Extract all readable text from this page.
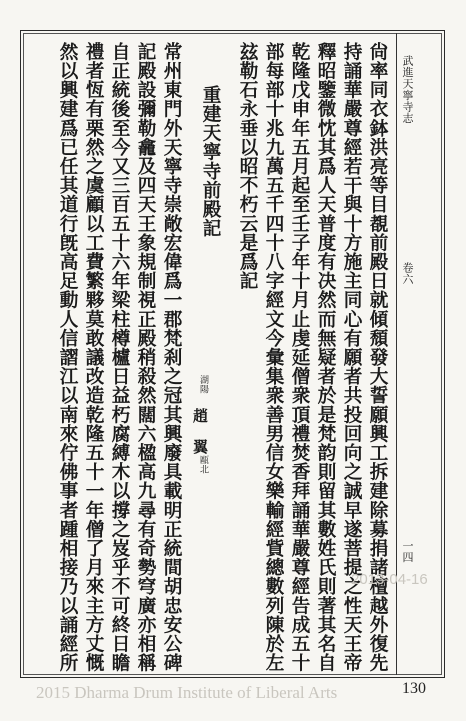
武進天寧寺志
卷六
一四
尙率同衣鉢洪亮等目覩前殿日就傾頹發大誓願興工拆建除募捐諸檀越外復先
持誦華嚴尊經若干與十方施主同心有願者共投回向之誠早遂菩提之性天王帝
釋昭鑒微忱其爲人天普度有决然而無疑者於是梵韵則留其數姓氏則著其名自
乾隆戊申年五月起至壬子年十月止虔延僧衆頂禮焚香拜誦華嚴尊經告成五十
部每部十兆九萬五千四十八字經文今彙集衆善男信女樂輸經貲總數列陳於左
玆勒石永垂以昭不朽云是爲記
重建天寧寺前殿記
湖陽
趙　翼
甌北
常州東門外天寧寺崇敞宏偉爲一郡梵刹之冠其興廢具載明正統間胡忠安公碑
記殿設彌勒龕及四天王象規制視正殿稍殺然闊六楹高九尋有奇勢穹廣亦相稱
自正統後至今又三百五十六年梁柱樽櫨日益朽腐縛木以撐之岌乎不可終日瞻
禮者恆有栗然之虞顧以工費繁夥莫敢議改造乾隆五十一年僧了月來主方丈慨
然以興建爲已任其道行旣高足動人信謵江以南來佇佛事者踵相接乃以誦經所	2013-04-16
2015 Dharma Drum Institute of Liberal Arts	130
